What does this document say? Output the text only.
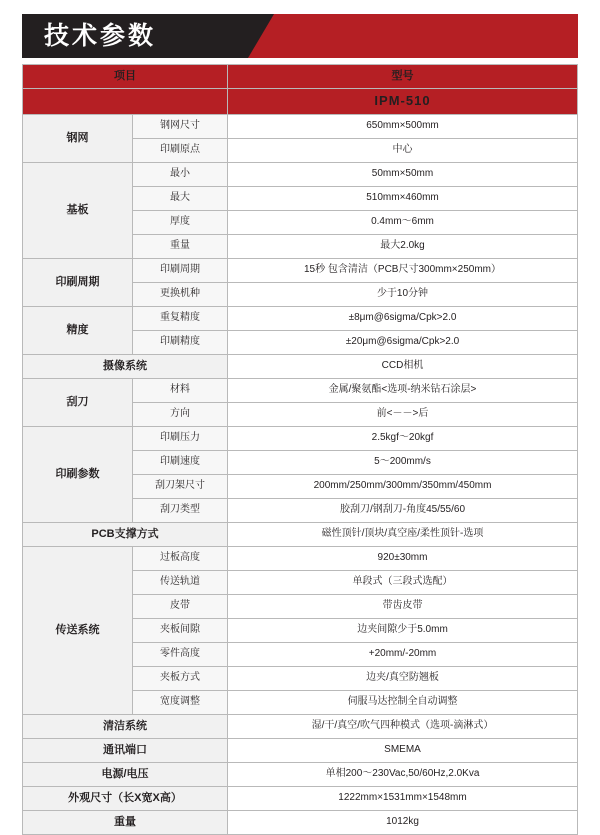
技术参数
项目		型号
		IPM-510
钢网	钢网尺寸	650mm×500mm
	印刷原点	中心
基板	最小	50mm×50mm
	最大	510mm×460mm
	厚度	0.4mm～6mm
	重量	最大2.0kg
印刷周期	印刷周期	15秒 包含清洁（PCB尺寸300mm×250mm）
	更换机种	少于10分钟
精度	重复精度	±8μm@6sigma/Cpk>2.0
	印刷精度	±20μm@6sigma/Cpk>2.0
摄像系统		CCD相机
刮刀	材料	金属/聚氨酯<选项-纳米钻石涂层>
	方向	前<－－>后
印刷参数	印刷压力	2.5kgf～20kgf
	印刷速度	5～200mm/s
	刮刀架尺寸	200mm/250mm/300mm/350mm/450mm
	刮刀类型	胶刮刀/钢刮刀-角度45/55/60
PCB支撑方式		磁性顶针/顶块/真空座/柔性顶针-选项
传送系统	过板高度	920±30mm
	传送轨道	单段式（三段式选配）
	皮带	带齿皮带
	夹板间隙	边夹间隙少于5.0mm
	零件高度	+20mm/-20mm
	夹板方式	边夹/真空防翘板
	宽度调整	伺服马达控制全自动调整
清洁系统		湿/干/真空/吹气四种模式（选项-滴淋式）
通讯端口		SMEMA
电源/电压		单相200～230Vac,50/60Hz,2.0Kva
外观尺寸（长X宽X高）		1222mm×1531mm×1548mm
重量		1012kg
